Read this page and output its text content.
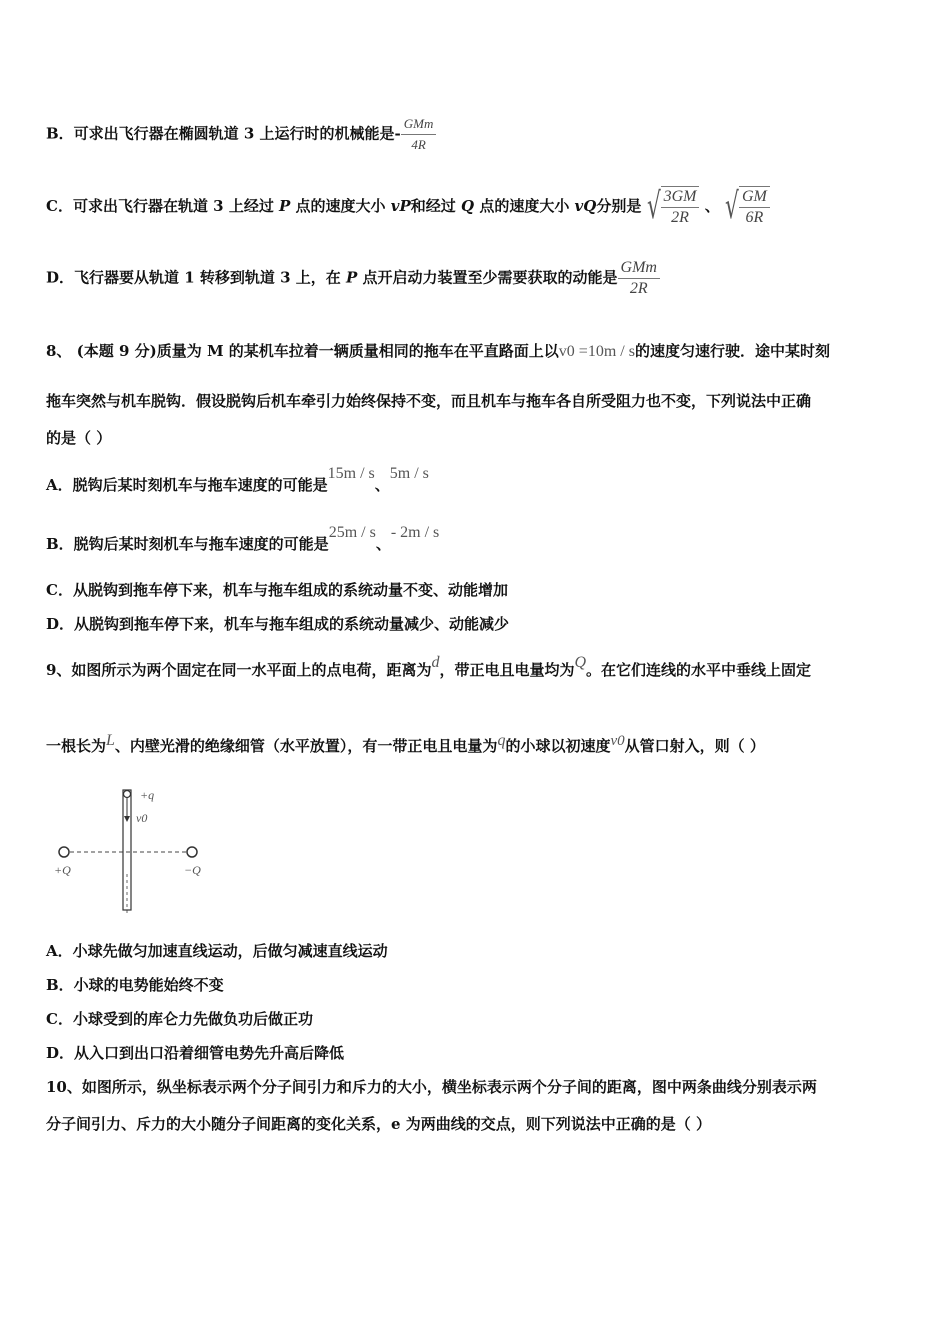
B．可求出飞行器在椭圆轨道 3 上运行时的机械能是- $\frac{\text{GMm}}{4R}$
C．可求出飞行器在轨道 3 上经过 P 点的速度大小 vP和经过 Q 点的速度大小 vQ分别是 √ $\frac{3GM}{2R}$ 、 √ $\frac{GM}{6R}$
D．飞行器要从轨道 1 转移到轨道 3 上，在 P 点开启动力装置至少需要获取的动能是 $\frac{\text{GMm}}{2R}$
8、 (本题 9 分)质量为 M 的某机车拉着一辆质量相同的拖车在平直路面上以v0 =10m / s的速度匀速行驶．途中某时刻
拖车突然与机车脱钩．假设脱钩后机车牵引力始终保持不变，而且机车与拖车各自所受阻力也不变，下列说法中正确
的是（ ）
A．脱钩后某时刻机车与拖车速度的可能是15m / s、5m / s
B．脱钩后某时刻机车与拖车速度的可能是25m / s、- 2m / s
C．从脱钩到拖车停下来，机车与拖车组成的系统动量不变、动能增加
D．从脱钩到拖车停下来，机车与拖车组成的系统动量减少、动能减少
9、如图所示为两个固定在同一水平面上的点电荷，距离为d，带正电且电量均为Q。在它们连线的水平中垂线上固定
一根长为L、内壁光滑的绝缘细管（水平放置），有一带正电且电量为q的小球以初速度v0从管口射入，则（ ）
+q
v0
+Q	−Q
A．小球先做匀加速直线运动，后做匀减速直线运动
B．小球的电势能始终不变
C．小球受到的库仑力先做负功后做正功
D．从入口到出口沿着细管电势先升高后降低
10、如图所示，纵坐标表示两个分子间引力和斥力的大小，横坐标表示两个分子间的距离，图中两条曲线分别表示两
分子间引力、斥力的大小随分子间距离的变化关系，e 为两曲线的交点，则下列说法中正确的是（ ）
